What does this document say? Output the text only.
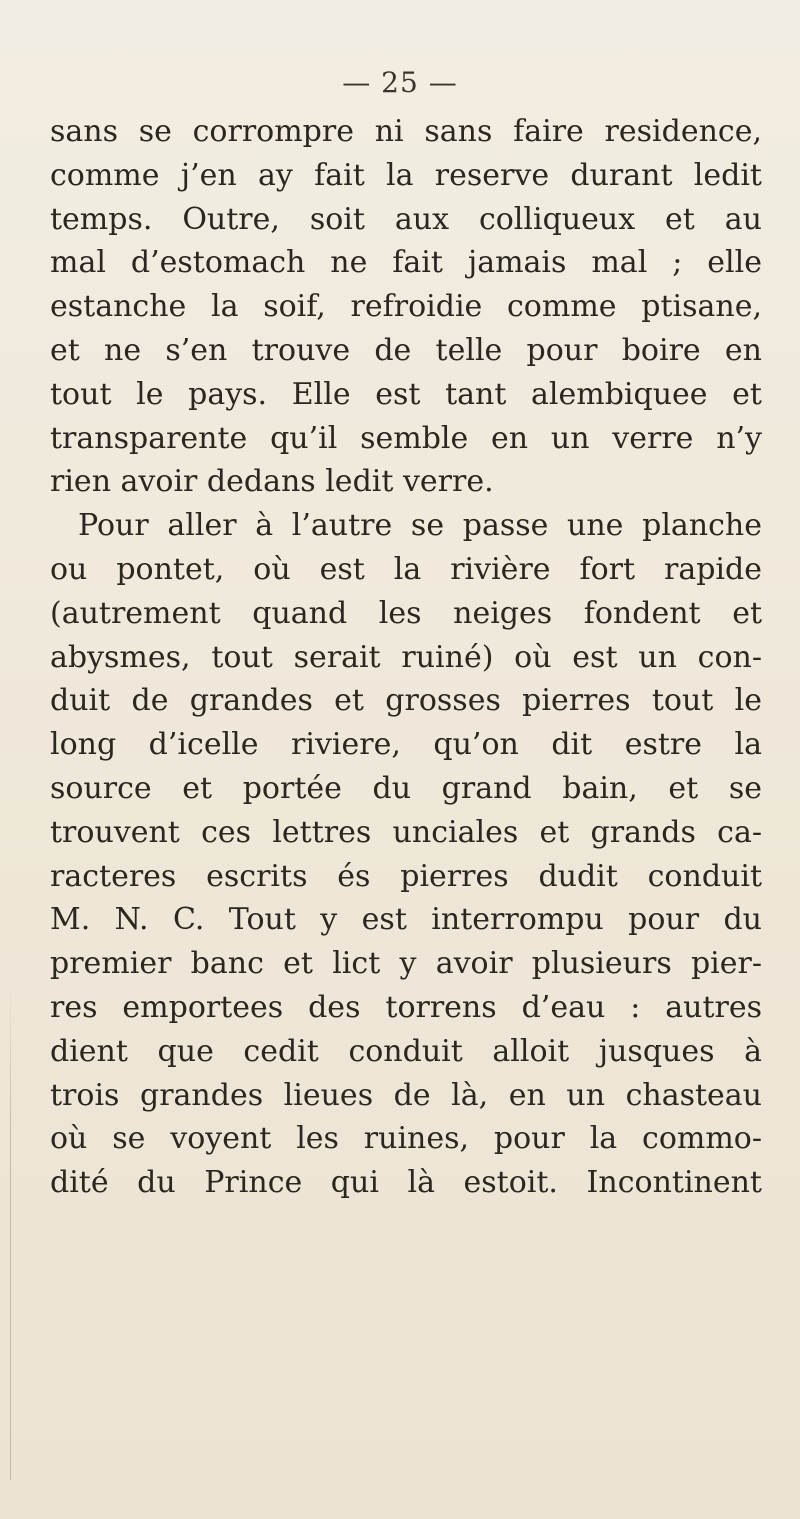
— 25 —
sans se corrompre ni sans faire residence,
comme j’en ay fait la reserve durant ledit
temps. Outre, soit aux colliqueux et au
mal d’estomach ne fait jamais mal ; elle
estanche la soif, refroidie comme ptisane,
et ne s’en trouve de telle pour boire en
tout le pays. Elle est tant alembiquee et
transparente qu’il semble en un verre n’y
rien avoir dedans ledit verre.
Pour aller à l’autre se passe une planche
ou pontet, où est la rivière fort rapide
(autrement quand les neiges fondent et
abysmes, tout serait ruiné) où est un con-
duit de grandes et grosses pierres tout le
long d’icelle riviere, qu’on dit estre la
source et portée du grand bain, et se
trouvent ces lettres unciales et grands ca-
racteres escrits és pierres dudit conduit
M. N. C. Tout y est interrompu pour du
premier banc et lict y avoir plusieurs pier-
res emportees des torrens d’eau : autres
dient que cedit conduit alloit jusques à
trois grandes lieues de là, en un chasteau
où se voyent les ruines, pour la commo-
dité du Prince qui là estoit. Incontinent
